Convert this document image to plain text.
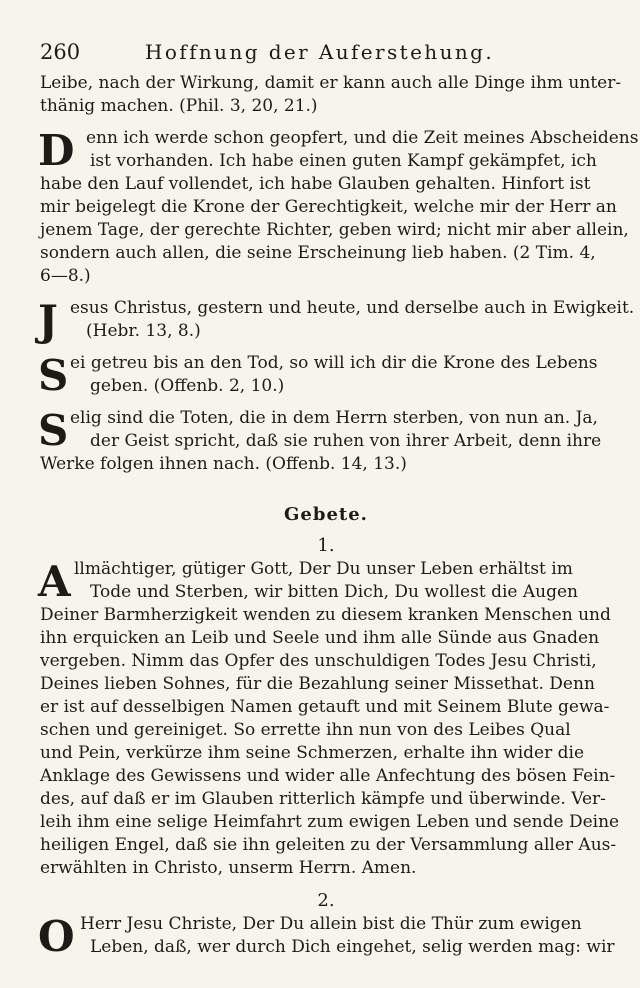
260	Hoffnung der Auferstehung.
Leibe, nach der Wirkung, damit er kann auch alle Dinge ihm unter-
thänig machen. (Phil. 3, 20, 21.)
D enn ich werde schon geopfert, und die Zeit meines Abscheidens
ist vorhanden. Ich habe einen guten Kampf gekämpfet, ich
habe den Lauf vollendet, ich habe Glauben gehalten. Hinfort ist
mir beigelegt die Krone der Gerechtigkeit, welche mir der Herr an
jenem Tage, der gerechte Richter, geben wird; nicht mir aber allein,
sondern auch allen, die seine Erscheinung lieb haben. (2 Tim. 4,
6—8.)
J esus Christus, gestern und heute, und derselbe auch in Ewigkeit.
(Hebr. 13, 8.)
S ei getreu bis an den Tod, so will ich dir die Krone des Lebens
geben. (Offenb. 2, 10.)
S elig sind die Toten, die in dem Herrn sterben, von nun an. Ja,
der Geist spricht, daß sie ruhen von ihrer Arbeit, denn ihre
Werke folgen ihnen nach. (Offenb. 14, 13.)
Gebete.
1.
A llmächtiger, gütiger Gott, Der Du unser Leben erhältst im
Tode und Sterben, wir bitten Dich, Du wollest die Augen
Deiner Barmherzigkeit wenden zu diesem kranken Menschen und
ihn erquicken an Leib und Seele und ihm alle Sünde aus Gnaden
vergeben. Nimm das Opfer des unschuldigen Todes Jesu Christi,
Deines lieben Sohnes, für die Bezahlung seiner Missethat. Denn
er ist auf desselbigen Namen getauft und mit Seinem Blute gewa-
schen und gereiniget. So errette ihn nun von des Leibes Qual
und Pein, verkürze ihm seine Schmerzen, erhalte ihn wider die
Anklage des Gewissens und wider alle Anfechtung des bösen Fein-
des, auf daß er im Glauben ritterlich kämpfe und überwinde. Ver-
leih ihm eine selige Heimfahrt zum ewigen Leben und sende Deine
heiligen Engel, daß sie ihn geleiten zu der Versammlung aller Aus-
erwählten in Christo, unserm Herrn. Amen.
2.
O Herr Jesu Christe, Der Du allein bist die Thür zum ewigen
Leben, daß, wer durch Dich eingehet, selig werden mag: wir
